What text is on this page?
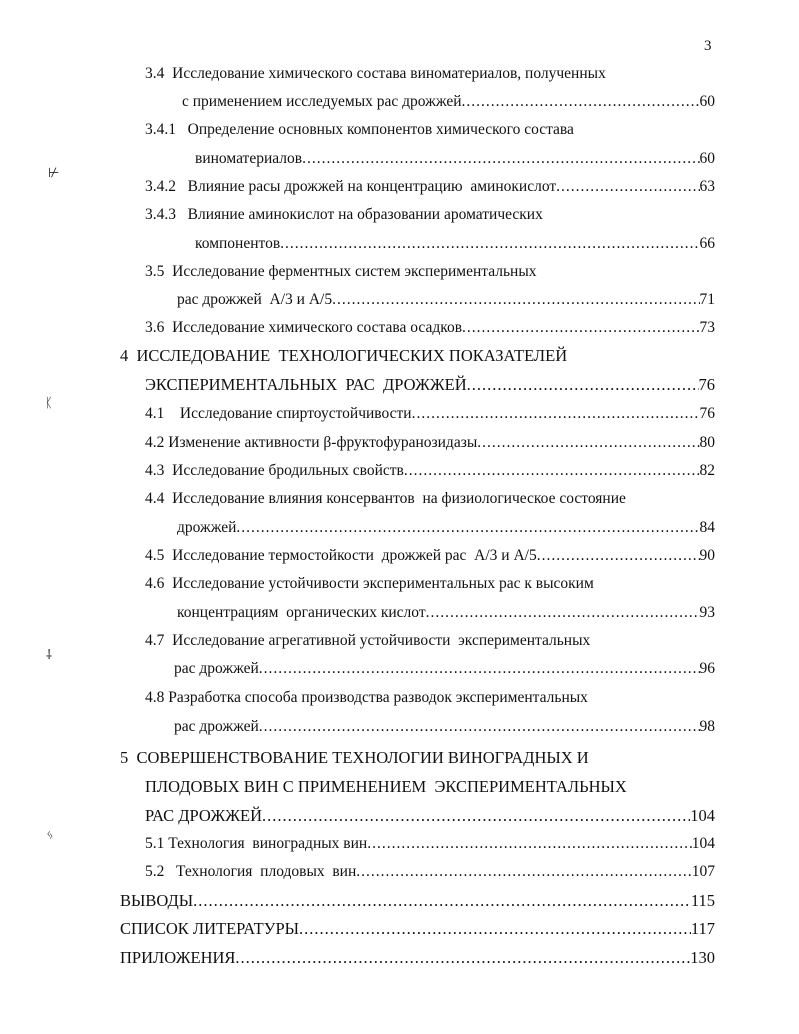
3
3.4  Исследование химического состава виноматериалов, полученных
с применением исследуемых рас дрожжей .....	60
3.4.1   Определение основных компонентов химического состава
виноматериалов .....	60
3.4.2   Влияние расы дрожжей на концентрацию  аминокислот .....	63
3.4.3   Влияние аминокислот на образовании ароматических
компонентов .....	66
3.5  Исследование ферментных систем экспериментальных
рас дрожжей  А/3 и А/5 .....	71
3.6  Исследование химического состава осадков .....	73
4  ИССЛЕДОВАНИЕ  ТЕХНОЛОГИЧЕСКИХ ПОКАЗАТЕЛЕЙ
ЭКСПЕРИМЕНТАЛЬНЫХ  РАС  ДРОЖЖЕЙ .....	76
4.1    Исследование спиртоустойчивости .....	76
4.2 Изменение активности β-фруктофуранозидазы .....	80
4.3  Исследование бродильных свойств .....	82
4.4  Исследование влияния консервантов  на физиологическое состояние
дрожжей .....	84
4.5  Исследование термостойкости  дрожжей рас  А/3 и А/5 .....	90
4.6  Исследование устойчивости экспериментальных рас к высоким
концентрациям  органических кислот .....	93
4.7  Исследование агрегативной устойчивости  экспериментальных
рас дрожжей .....	96
4.8 Разработка способа производства разводок экспериментальных
рас дрожжей .....	98
5  СОВЕРШЕНСТВОВАНИЕ ТЕХНОЛОГИИ ВИНОГРАДНЫХ И
ПЛОДОВЫХ ВИН С ПРИМЕНЕНИЕМ  ЭКСПЕРИМЕНТАЛЬНЫХ
РАС ДРОЖЖЕЙ .....	104
5.1 Технология  виноградных вин .....	104
5.2   Технология  плодовых  вин .....	107
ВЫВОДЫ .....	115
СПИСОК ЛИТЕРАТУРЫ .....	117
ПРИЛОЖЕНИЯ .....	130
⊬
ᛕ
⸸
ᛃ
